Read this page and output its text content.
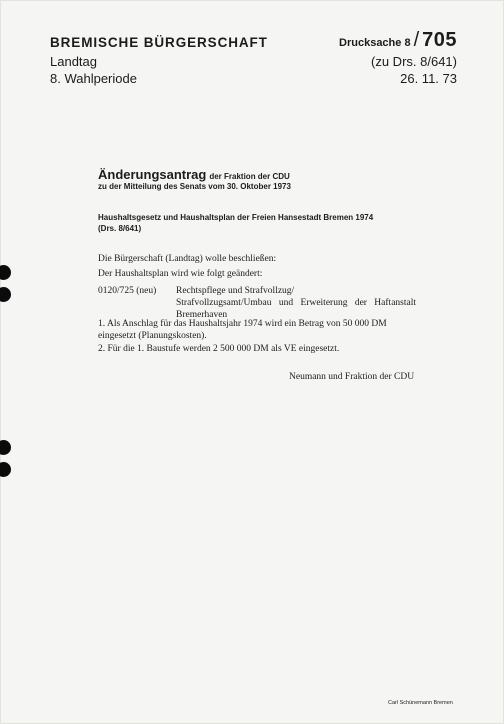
BREMISCHE BÜRGERSCHAFT
Landtag
8. Wahlperiode
Drucksache 8 / 705
(zu Drs. 8/641)
26. 11. 73
Änderungsantrag der Fraktion der CDU
zu der Mitteilung des Senats vom 30. Oktober 1973
Haushaltsgesetz und Haushaltsplan der Freien Hansestadt Bremen 1974
(Drs. 8/641)
Die Bürgerschaft (Landtag) wolle beschließen:
Der Haushaltsplan wird wie folgt geändert:
0120/725 (neu) Rechtspflege und Strafvollzug/
Strafvollzugsamt/Umbau und Erweiterung der Haftanstalt
Bremerhaven
1. Als Anschlag für das Haushaltsjahr 1974 wird ein Betrag von 50 000 DM eingesetzt (Planungskosten).
2. Für die 1. Baustufe werden 2 500 000 DM als VE eingesetzt.
Neumann und Fraktion der CDU
Carl Schünemann Bremen
